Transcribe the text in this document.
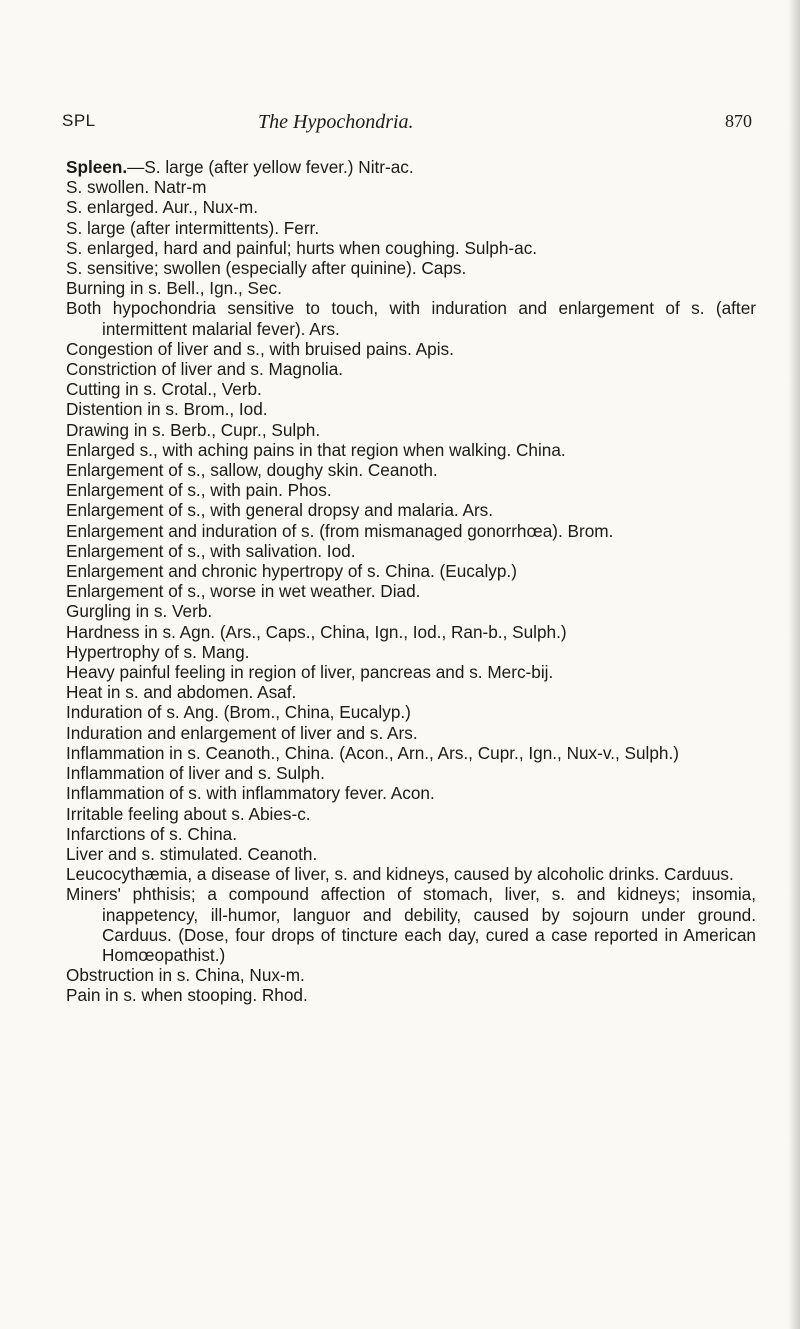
SPL	The Hypochondria.	870
Spleen.—S. large (after yellow fever.) Nitr-ac.
S. swollen. Natr-m
S. enlarged. Aur., Nux-m.
S. large (after intermittents). Ferr.
S. enlarged, hard and painful; hurts when coughing. Sulph-ac.
S. sensitive; swollen (especially after quinine). Caps.
Burning in s. Bell., Ign., Sec.
Both hypochondria sensitive to touch, with induration and enlargement of s. (after intermittent malarial fever). Ars.
Congestion of liver and s., with bruised pains. Apis.
Constriction of liver and s. Magnolia.
Cutting in s. Crotal., Verb.
Distention in s. Brom., Iod.
Drawing in s. Berb., Cupr., Sulph.
Enlarged s., with aching pains in that region when walking. China.
Enlargement of s., sallow, doughy skin. Ceanoth.
Enlargement of s., with pain. Phos.
Enlargement of s., with general dropsy and malaria. Ars.
Enlargement and induration of s. (from mismanaged gonorrhœa). Brom.
Enlargement of s., with salivation. Iod.
Enlargement and chronic hypertropy of s. China. (Eucalyp.)
Enlargement of s., worse in wet weather. Diad.
Gurgling in s. Verb.
Hardness in s. Agn. (Ars., Caps., China, Ign., Iod., Ran-b., Sulph.)
Hypertrophy of s. Mang.
Heavy painful feeling in region of liver, pancreas and s. Merc-bij.
Heat in s. and abdomen. Asaf.
Induration of s. Ang. (Brom., China, Eucalyp.)
Induration and enlargement of liver and s. Ars.
Inflammation in s. Ceanoth., China. (Acon., Arn., Ars., Cupr., Ign., Nux-v., Sulph.)
Inflammation of liver and s. Sulph.
Inflammation of s. with inflammatory fever. Acon.
Irritable feeling about s. Abies-c.
Infarctions of s. China.
Liver and s. stimulated. Ceanoth.
Leucocythæmia, a disease of liver, s. and kidneys, caused by alcoholic drinks. Carduus.
Miners' phthisis; a compound affection of stomach, liver, s. and kidneys; insomia, inappetency, ill-humor, languor and debility, caused by sojourn under ground. Carduus. (Dose, four drops of tincture each day, cured a case reported in American Homœopathist.)
Obstruction in s. China, Nux-m.
Pain in s. when stooping. Rhod.
